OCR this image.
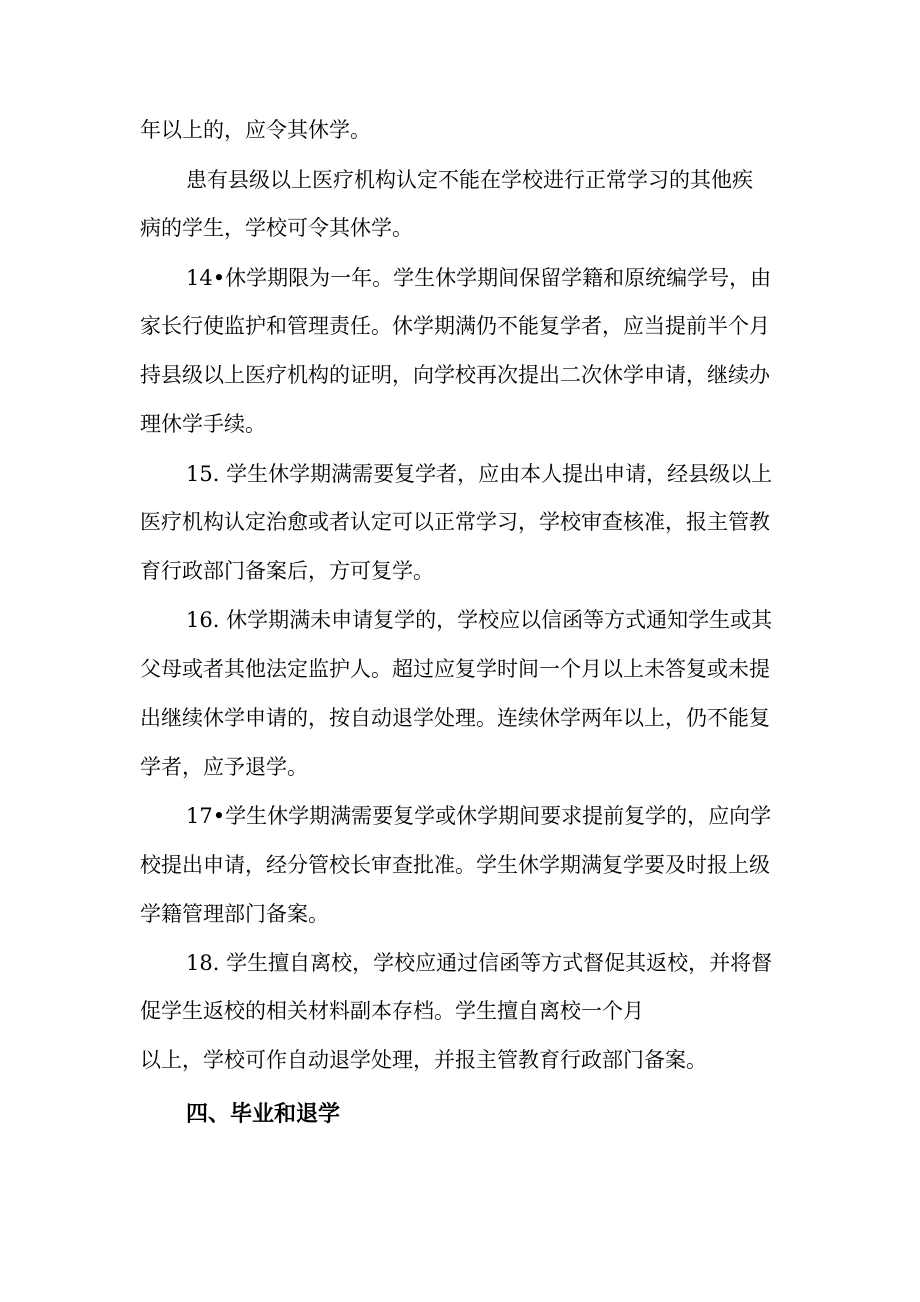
年以上的，应令其休学。
患有县级以上医疗机构认定不能在学校进行正常学习的其他疾
病的学生，学校可令其休学。
14•休学期限为一年。学生休学期间保留学籍和原统编学号，由
家长行使监护和管理责任。休学期满仍不能复学者，应当提前半个月
持县级以上医疗机构的证明，向学校再次提出二次休学申请，继续办
理休学手续。
15. 学生休学期满需要复学者，应由本人提出申请，经县级以上
医疗机构认定治愈或者认定可以正常学习，学校审查核准，报主管教
育行政部门备案后，方可复学。
16. 休学期满未申请复学的，学校应以信函等方式通知学生或其
父母或者其他法定监护人。超过应复学时间一个月以上未答复或未提
出继续休学申请的，按自动退学处理。连续休学两年以上，仍不能复
学者，应予退学。
17•学生休学期满需要复学或休学期间要求提前复学的，应向学
校提出申请，经分管校长审查批准。学生休学期满复学要及时报上级
学籍管理部门备案。
18. 学生擅自离校，学校应通过信函等方式督促其返校，并将督
促学生返校的相关材料副本存档。学生擅自离校一个月
以上，学校可作自动退学处理，并报主管教育行政部门备案。
四、毕业和退学
